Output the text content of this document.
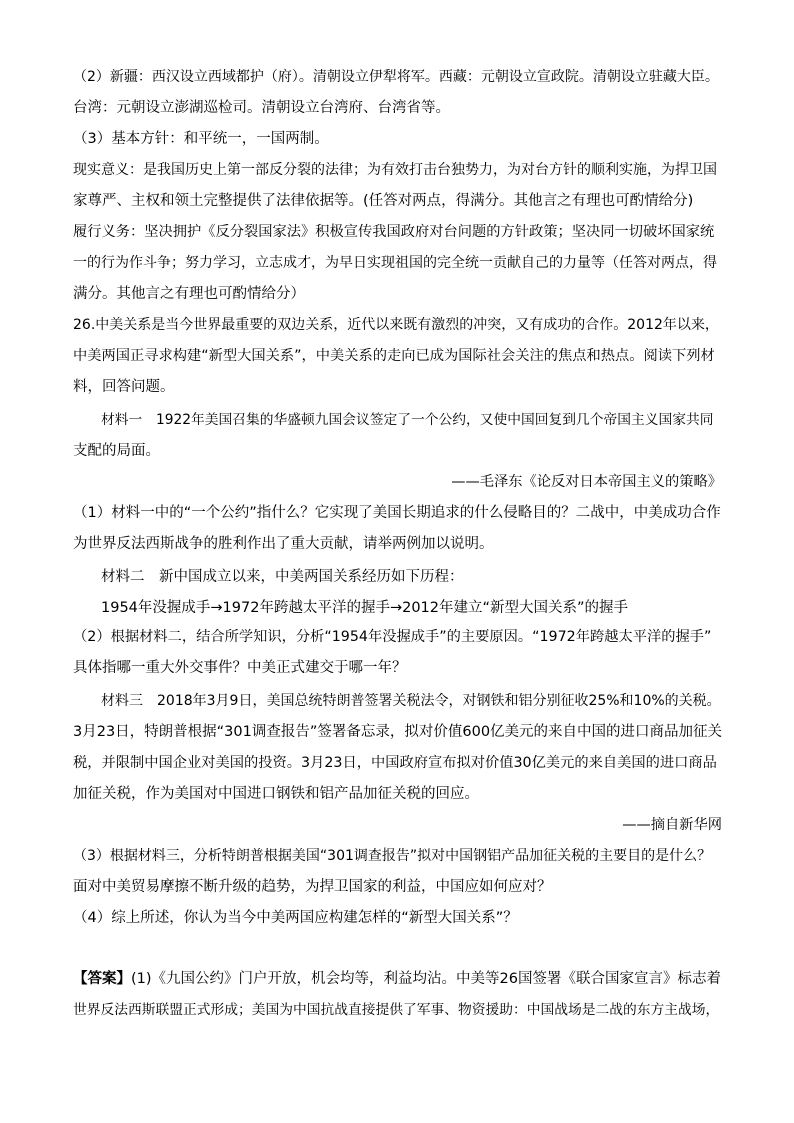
（2）新疆：西汉设立西域都护（府）。清朝设立伊犁将军。西藏：元朝设立宣政院。清朝设立驻藏大臣。
台湾：元朝设立澎湖巡检司。清朝设立台湾府、台湾省等。
（3）基本方针：和平统一，一国两制。
现实意义：是我国历史上第一部反分裂的法律；为有效打击台独势力，为对台方针的顺利实施，为捍卫国
家尊严、主权和领土完整提供了法律依据等。(任答对两点，得满分。其他言之有理也可酌情给分)
履行义务：坚决拥护《反分裂国家法》积极宣传我国政府对台问题的方针政策；坚决同一切破坏国家统
一的行为作斗争；努力学习，立志成才，为早日实现祖国的完全统一贡献自己的力量等（任答对两点，得
满分。其他言之有理也可酌情给分）
26.中美关系是当今世界最重要的双边关系，近代以来既有激烈的冲突，又有成功的合作。2012年以来，
中美两国正寻求构建“新型大国关系”，中美关系的走向已成为国际社会关注的焦点和热点。阅读下列材
料，回答问题。
材料一　1922年美国召集的华盛顿九国会议签定了一个公约，又使中国回复到几个帝国主义国家共同
支配的局面。
——毛泽东《论反对日本帝国主义的策略》
（1）材料一中的“一个公约”指什么？它实现了美国长期追求的什么侵略目的？二战中，中美成功合作
为世界反法西斯战争的胜利作出了重大贡献，请举两例加以说明。
材料二　新中国成立以来，中美两国关系经历如下历程：
1954年没握成手→1972年跨越太平洋的握手→2012年建立“新型大国关系”的握手
（2）根据材料二，结合所学知识，分析“1954年没握成手”的主要原因。“1972年跨越太平洋的握手”
具体指哪一重大外交事件？中美正式建交于哪一年？
材料三　2018年3月9日，美国总统特朗普签署关税法令，对钢铁和铝分别征收25%和10%的关税。
3月23日，特朗普根据“301调查报告”签署备忘录，拟对价值600亿美元的来自中国的进口商品加征关
税，并限制中国企业对美国的投资。3月23日，中国政府宣布拟对价值30亿美元的来自美国的进口商品
加征关税，作为美国对中国进口钢铁和铝产品加征关税的回应。
——摘自新华网
（3）根据材料三，分析特朗普根据美国“301调查报告”拟对中国钢铝产品加征关税的主要目的是什么？
面对中美贸易摩擦不断升级的趋势，为捍卫国家的利益，中国应如何应对？
（4）综上所述，你认为当今中美两国应构建怎样的“新型大国关系”？
【答案】(1)《九国公约》门户开放，机会均等，利益均沾。中美等26国签署《联合国家宣言》标志着
世界反法西斯联盟正式形成；美国为中国抗战直接提供了军事、物资援助：中国战场是二战的东方主战场，
